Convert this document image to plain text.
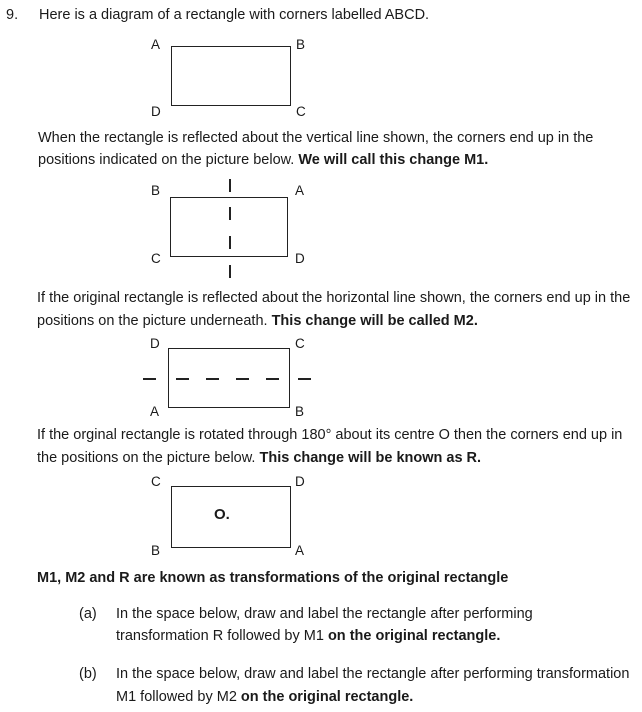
9. Here is a diagram of a rectangle with corners labelled ABCD.
A	B
D	C
When the rectangle is reflected about the vertical line shown, the corners end up in the
positions indicated on the picture below. We will call this change M1.
B	A
C	D
If the original rectangle is reflected about the horizontal line shown, the corners end up in the
positions on the picture underneath. This change will be called M2.
D	C
A	B
If the orginal rectangle is rotated through 180° about its centre O then the corners end up in
the positions on the picture below. This change will be known as R.
C	D
O.
B	A
M1, M2 and R are known as transformations of the original rectangle
(a) In the space below, draw and label the rectangle after performing
transformation R followed by M1 on the original rectangle.
(b) In the space below, draw and label the rectangle after performing transformation
M1 followed by M2 on the original rectangle.
